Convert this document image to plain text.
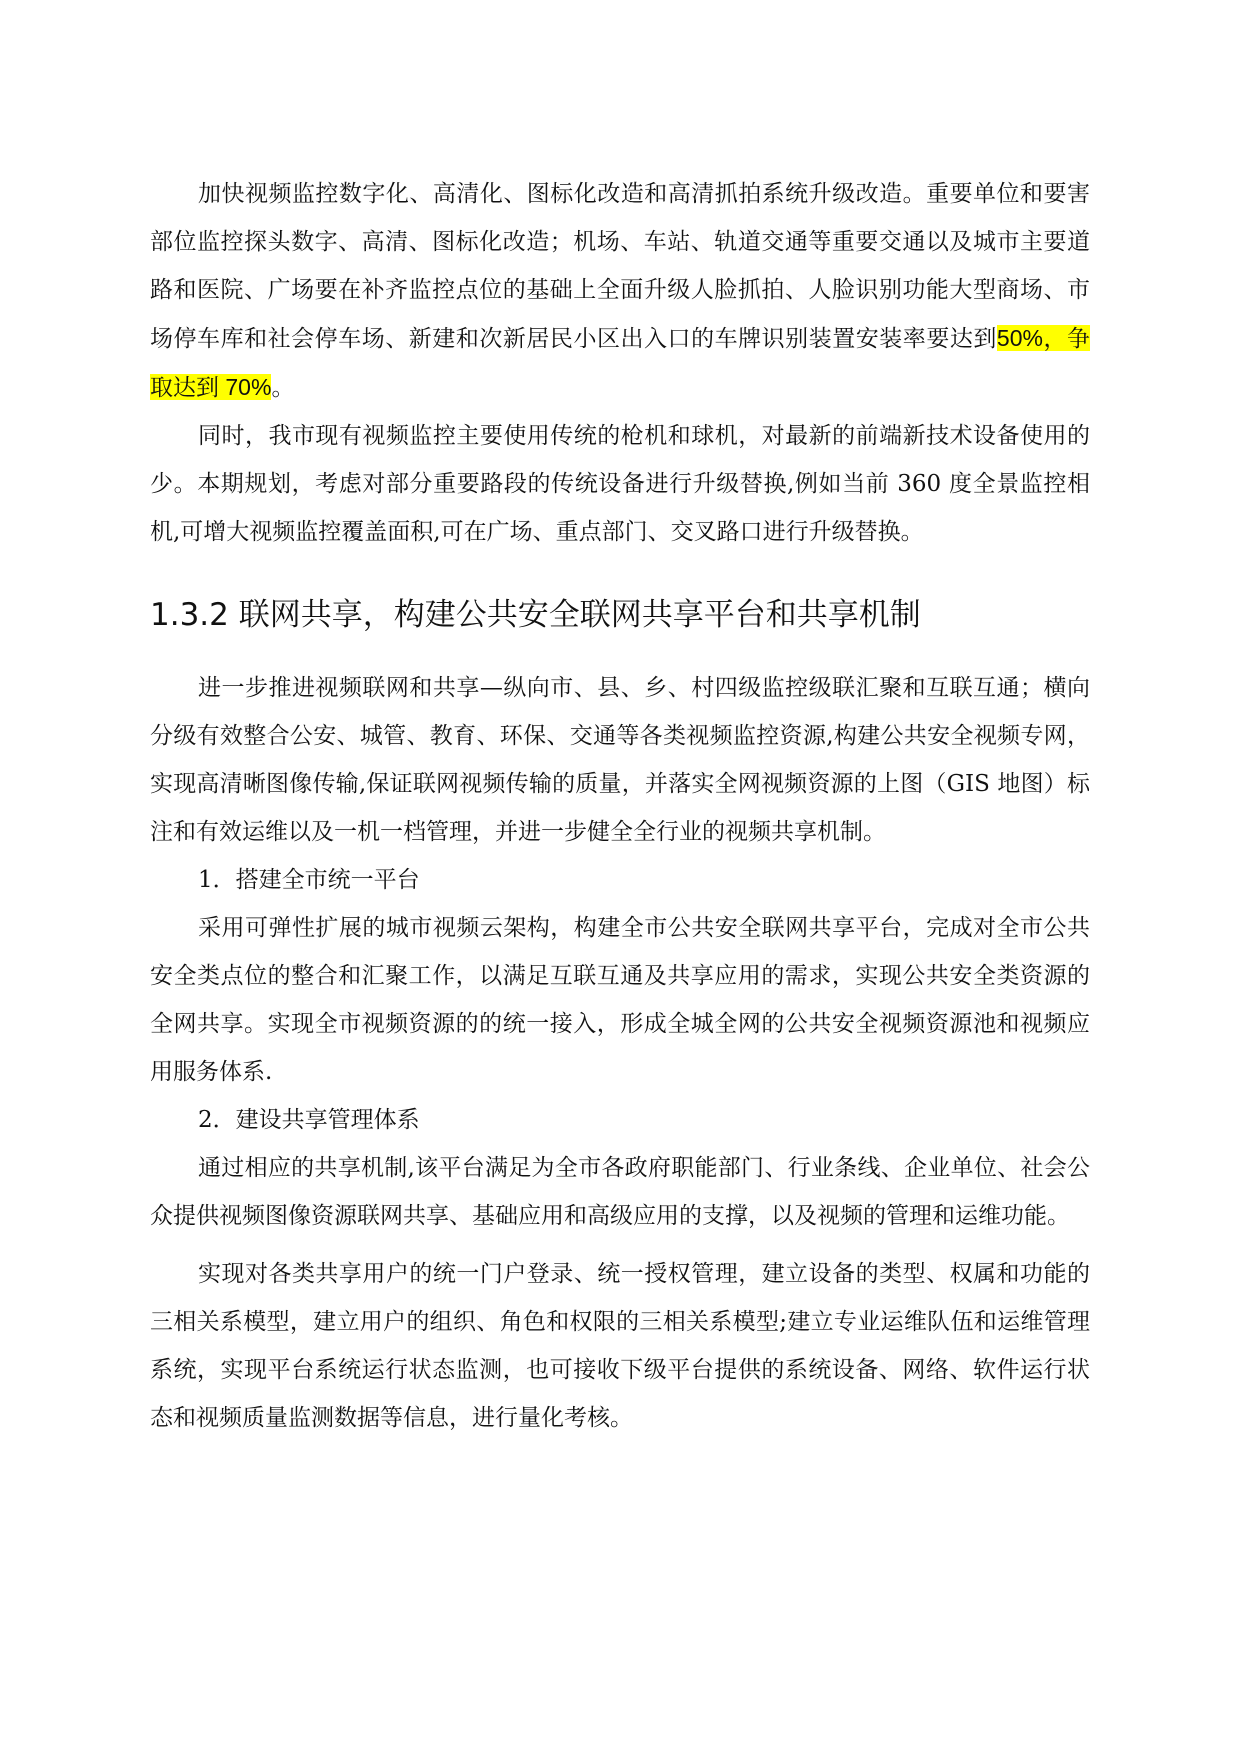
加快视频监控数字化、高清化、图标化改造和高清抓拍系统升级改造。重要单位和要害部位监控探头数字、高清、图标化改造；机场、车站、轨道交通等重要交通以及城市主要道路和医院、广场要在补齐监控点位的基础上全面升级人脸抓拍、人脸识别功能大型商场、市场停车库和社会停车场、新建和次新居民小区出入口的车牌识别装置安装率要达到50%，争取达到 70%。

同时，我市现有视频监控主要使用传统的枪机和球机，对最新的前端新技术设备使用的少。本期规划，考虑对部分重要路段的传统设备进行升级替换,例如当前 360 度全景监控相机,可增大视频监控覆盖面积,可在广场、重点部门、交叉路口进行升级替换。

1.3.2 联网共享，构建公共安全联网共享平台和共享机制

进一步推进视频联网和共享—纵向市、县、乡、村四级监控级联汇聚和互联互通；横向分级有效整合公安、城管、教育、环保、交通等各类视频监控资源,构建公共安全视频专网，实现高清晰图像传输,保证联网视频传输的质量，并落实全网视频资源的上图（GIS 地图）标注和有效运维以及一机一档管理，并进一步健全全行业的视频共享机制。

1．搭建全市统一平台

采用可弹性扩展的城市视频云架构，构建全市公共安全联网共享平台，完成对全市公共安全类点位的整合和汇聚工作，以满足互联互通及共享应用的需求，实现公共安全类资源的全网共享。实现全市视频资源的的统一接入，形成全城全网的公共安全视频资源池和视频应用服务体系.

2．建设共享管理体系

通过相应的共享机制,该平台满足为全市各政府职能部门、行业条线、企业单位、社会公众提供视频图像资源联网共享、基础应用和高级应用的支撑，以及视频的管理和运维功能。

实现对各类共享用户的统一门户登录、统一授权管理，建立设备的类型、权属和功能的三相关系模型，建立用户的组织、角色和权限的三相关系模型;建立专业运维队伍和运维管理系统，实现平台系统运行状态监测，也可接收下级平台提供的系统设备、网络、软件运行状态和视频质量监测数据等信息，进行量化考核。
